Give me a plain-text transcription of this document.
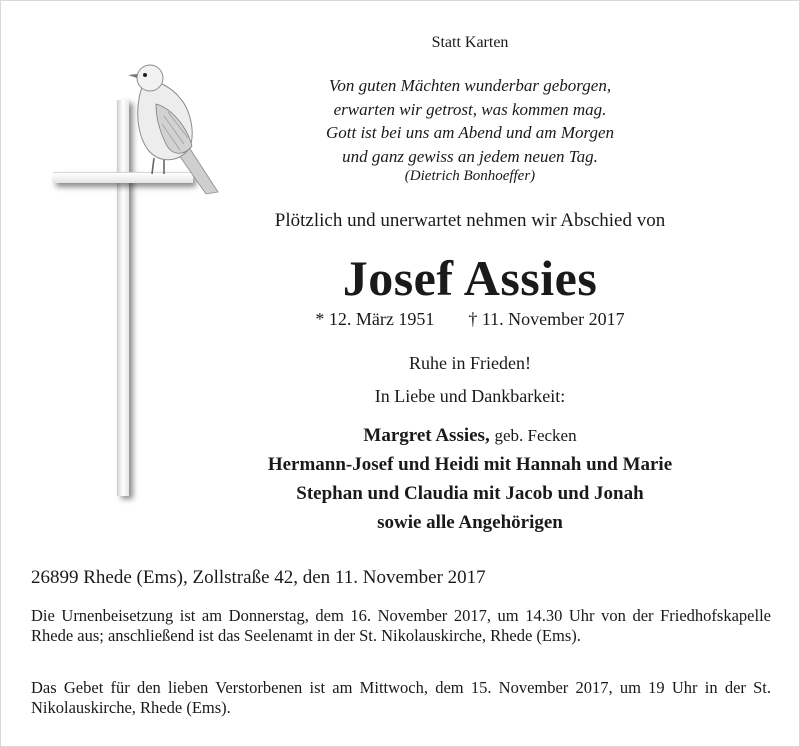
Statt Karten
Von guten Mächten wunderbar geborgen,
erwarten wir getrost, was kommen mag.
Gott ist bei uns am Abend und am Morgen
und ganz gewiss an jedem neuen Tag.
(Dietrich Bonhoeffer)
Plötzlich und unerwartet nehmen wir Abschied von
Josef Assies
* 12. März 1951 † 11. November 2017
Ruhe in Frieden!
In Liebe und Dankbarkeit:
Margret Assies, geb. Fecken
Hermann-Josef und Heidi mit Hannah und Marie
Stephan und Claudia mit Jacob und Jonah
sowie alle Angehörigen
26899 Rhede (Ems), Zollstraße 42, den 11. November 2017
Die Urnenbeisetzung ist am Donnerstag, dem 16. November 2017, um 14.30 Uhr von der Friedhofskapelle Rhede aus; anschließend ist das Seelenamt in der St. Nikolauskirche, Rhede (Ems).
Das Gebet für den lieben Verstorbenen ist am Mittwoch, dem 15. November 2017, um 19 Uhr in der St. Nikolauskirche, Rhede (Ems).
